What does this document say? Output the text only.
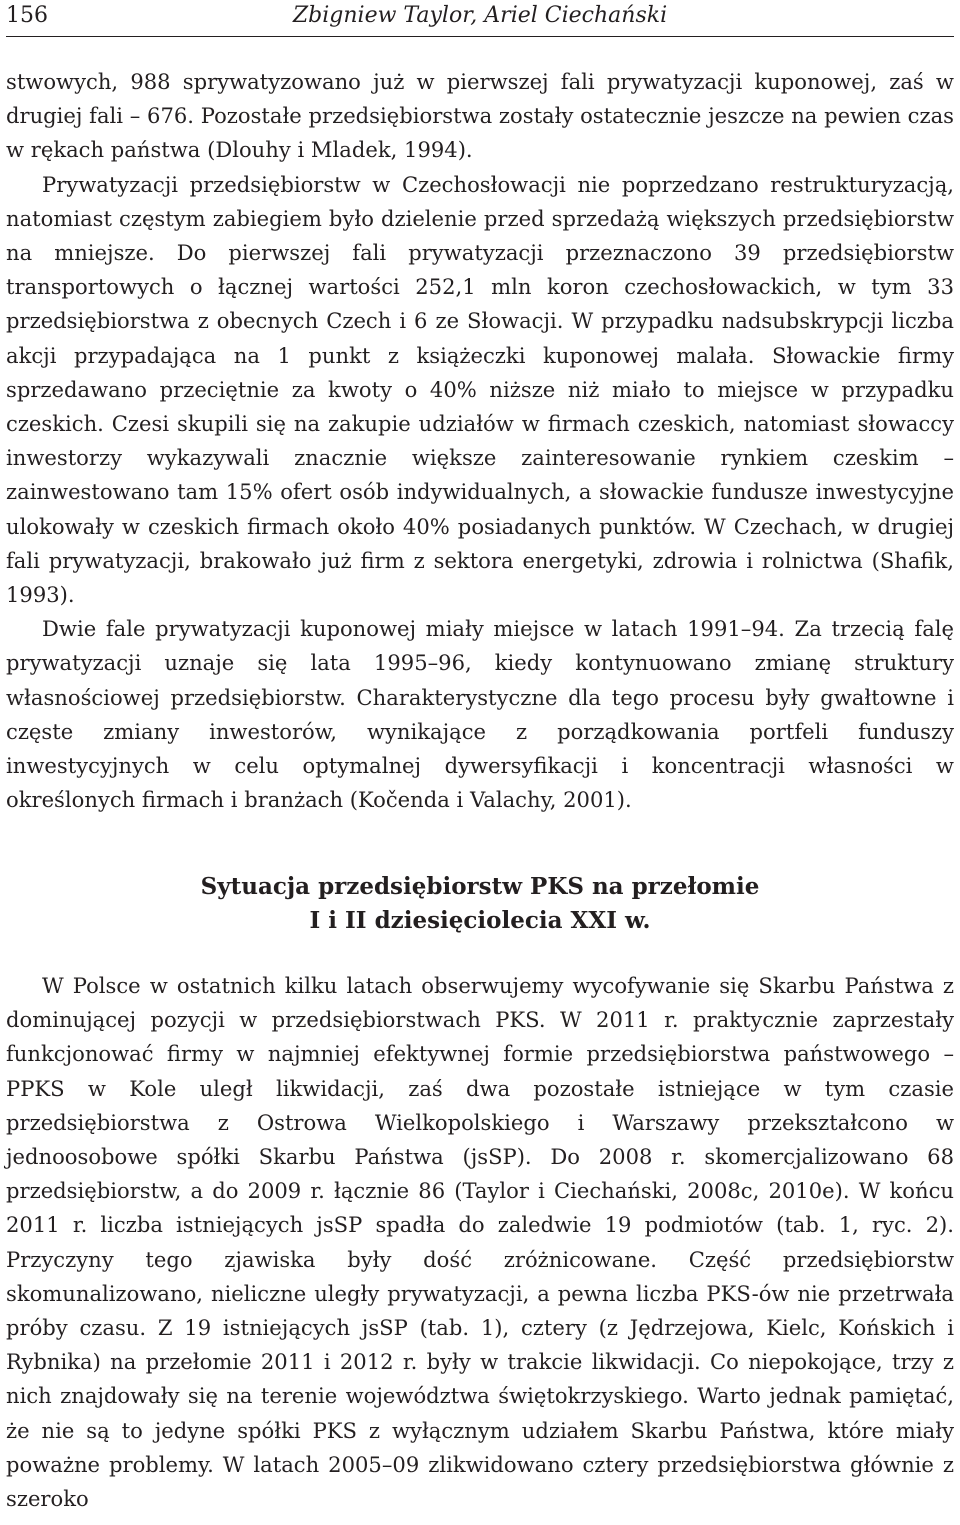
156	Zbigniew Taylor, Ariel Ciechański

stwowych, 988 sprywatyzowano już w pierwszej fali prywatyzacji kuponowej, zaś w drugiej fali – 676. Pozostałe przedsiębiorstwa zostały ostatecznie jeszcze na pewien czas w rękach państwa (Dlouhy i Mladek, 1994).

Prywatyzacji przedsiębiorstw w Czechosłowacji nie poprzedzano restrukturyzacją, natomiast częstym zabiegiem było dzielenie przed sprzedażą większych przedsiębiorstw na mniejsze. Do pierwszej fali prywatyzacji przeznaczono 39 przedsiębiorstw transportowych o łącznej wartości 252,1 mln koron czechosłowackich, w tym 33 przedsiębiorstwa z obecnych Czech i 6 ze Słowacji. W przypadku nadsubskrypcji liczba akcji przypadająca na 1 punkt z książeczki kuponowej malała. Słowackie firmy sprzedawano przeciętnie za kwoty o 40% niższe niż miało to miejsce w przypadku czeskich. Czesi skupili się na zakupie udziałów w firmach czeskich, natomiast słowaccy inwestorzy wykazywali znacznie większe zainteresowanie rynkiem czeskim – zainwestowano tam 15% ofert osób indywidualnych, a słowackie fundusze inwestycyjne ulokowały w czeskich firmach około 40% posiadanych punktów. W Czechach, w drugiej fali prywatyzacji, brakowało już firm z sektora energetyki, zdrowia i rolnictwa (Shafik, 1993).

Dwie fale prywatyzacji kuponowej miały miejsce w latach 1991–94. Za trzecią falę prywatyzacji uznaje się lata 1995–96, kiedy kontynuowano zmianę struktury własnościowej przedsiębiorstw. Charakterystyczne dla tego procesu były gwałtowne i częste zmiany inwestorów, wynikające z porządkowania portfeli funduszy inwestycyjnych w celu optymalnej dywersyfikacji i koncentracji własności w określonych firmach i branżach (Kočenda i Valachy, 2001).

Sytuacja przedsiębiorstw PKS na przełomie
I i II dziesięciolecia XXI w.

W Polsce w ostatnich kilku latach obserwujemy wycofywanie się Skarbu Państwa z dominującej pozycji w przedsiębiorstwach PKS. W 2011 r. praktycznie zaprzestały funkcjonować firmy w najmniej efektywnej formie przedsiębiorstwa państwowego – PPKS w Kole uległ likwidacji, zaś dwa pozostałe istniejące w tym czasie przedsiębiorstwa z Ostrowa Wielkopolskiego i Warszawy przekształcono w jednoosobowe spółki Skarbu Państwa (jsSP). Do 2008 r. skomercjalizowano 68 przedsiębiorstw, a do 2009 r. łącznie 86 (Taylor i Ciechański, 2008c, 2010e). W końcu 2011 r. liczba istniejących jsSP spadła do zaledwie 19 podmiotów (tab. 1, ryc. 2). Przyczyny tego zjawiska były dość zróżnicowane. Część przedsiębiorstw skomunalizowano, nieliczne uległy prywatyzacji, a pewna liczba PKS-ów nie przetrwała próby czasu. Z 19 istniejących jsSP (tab. 1), cztery (z Jędrzejowa, Kielc, Końskich i Rybnika) na przełomie 2011 i 2012 r. były w trakcie likwidacji. Co niepokojące, trzy z nich znajdowały się na terenie województwa świętokrzyskiego. Warto jednak pamiętać, że nie są to jedyne spółki PKS z wyłącznym udziałem Skarbu Państwa, które miały poważne problemy. W latach 2005–09 zlikwidowano cztery przedsiębiorstwa głównie z szeroko
